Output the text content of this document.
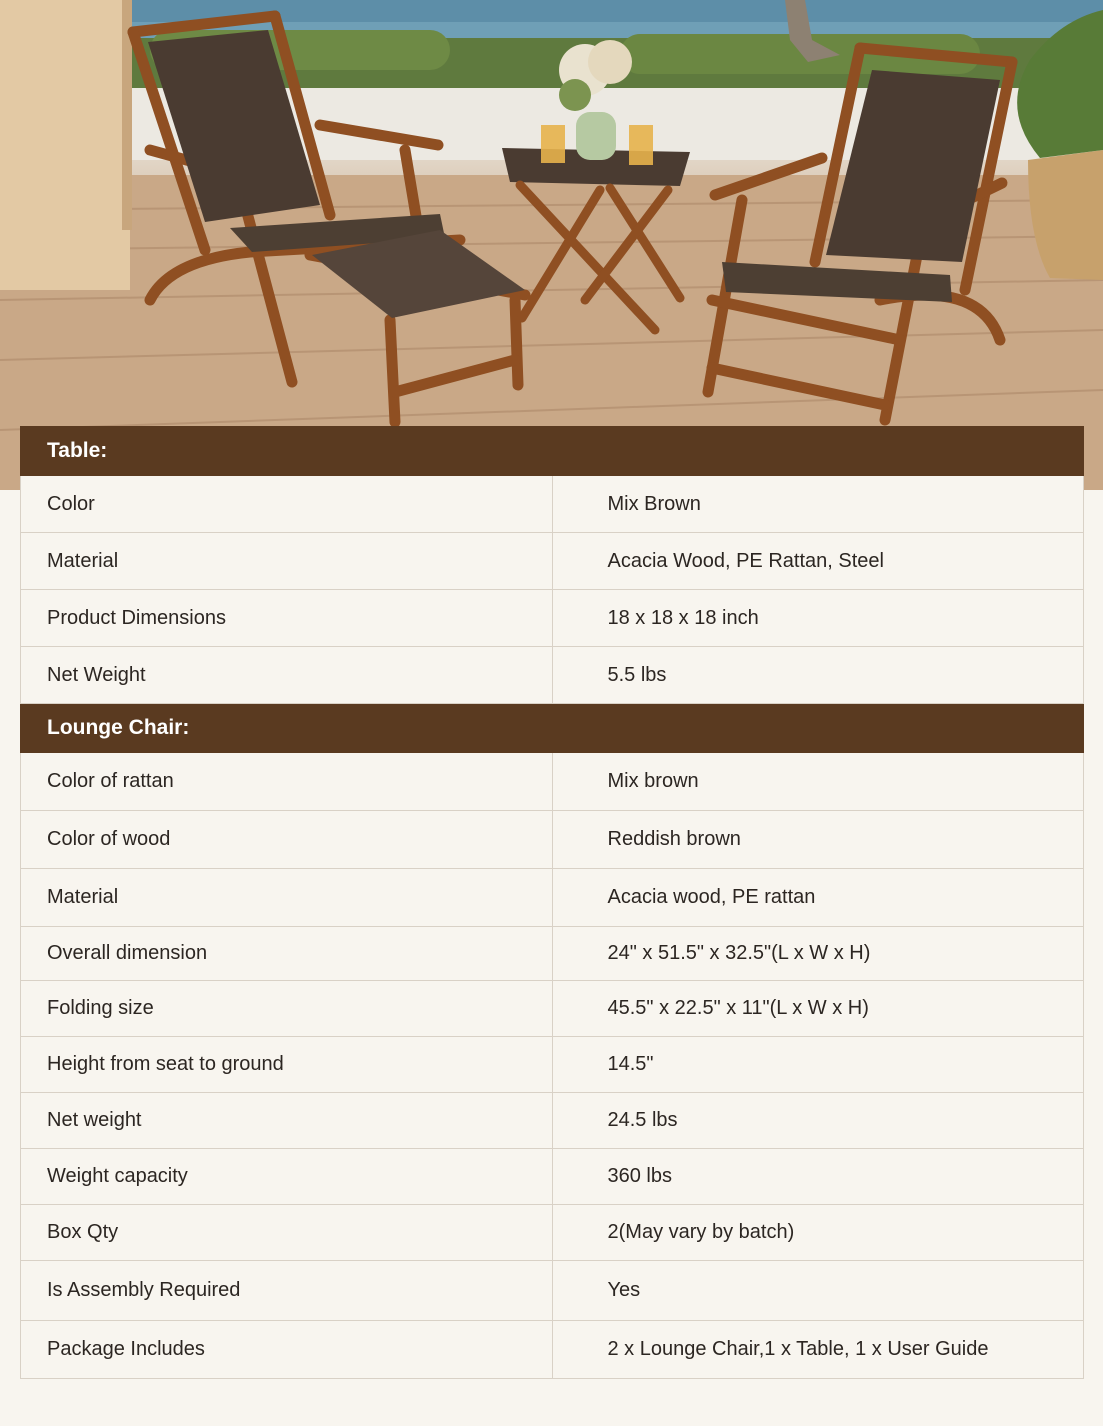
Table:	
Color	Mix Brown
Material	Acacia Wood, PE Rattan, Steel
Product Dimensions	18 x 18 x 18 inch
Net Weight	5.5 lbs
Lounge Chair:	
Color of rattan	Mix brown
Color of wood	Reddish brown
Material	Acacia wood, PE rattan
Overall dimension	24" x 51.5" x 32.5"(L x W x H)
Folding size	45.5" x 22.5" x 11"(L x W x H)
Height from seat to ground	14.5"
Net weight	24.5 lbs
Weight capacity	360 lbs
Box Qty	2(May vary by batch)
Is Assembly Required	Yes
Package Includes	2 x Lounge Chair,1 x Table, 1 x User Guide
